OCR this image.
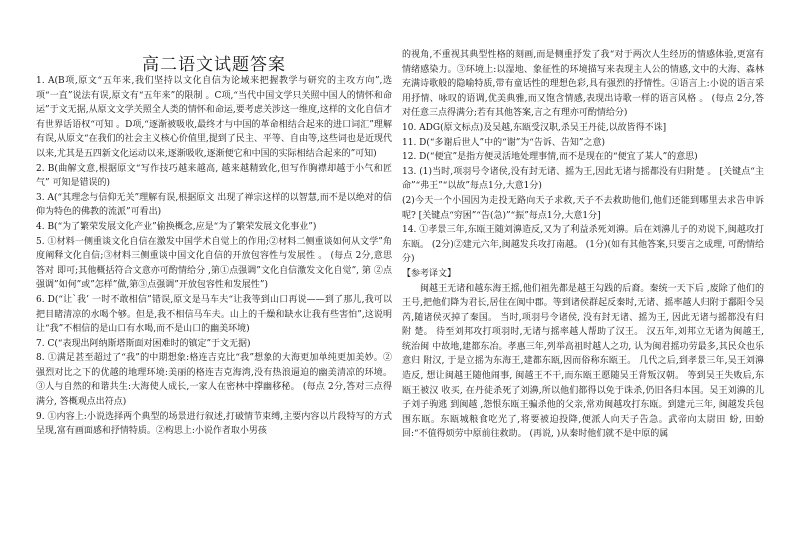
高二语文试题答案

1. A(B项,原文“五年来,我们坚持以文化自信为论域来把握教学与研究的主攻方向”,选项“一直”说法有误,原文有“五年来”的限制 。C项,“当代中国文学只关照中国人的情怀和命运”于文无据,从原文文学关照全人类的情怀和命运,要考虑关涉这一维度,这样的文化自信才有世界话语权“可知 。D项,“逐渐被吸收,最终才与中国的革命相结合起来的进口词汇”理解有误,从原文“在我们的社会主义核心价值里,提到了民主、平等、自由等,这些词也是近现代以来,尤其是五四新文化运动以来,逐渐吸收,逐渐便它和中国的实际相结合起来的”可知)

2. B(曲解文意,根据原文“写作技巧越来越高, 越来越精致化,但写作胸襟却越于小气和匠气” 可知是错误的)

3. A(“其理念与信仰无关”理解有误,根据原文 出现了禅宗这样的以智慧,而不是以绝对的信仰为特色的佛教的流派”可看出)

4. B(“为了繁荣发展文化产业”偷换概念,应是“为了繁荣发展文化事业”)

5. ①材料一侧重谈文化自信在激发中国学术自觉上的作用;②材料二侧重谈如何从文学”角度阐释文化自信;③材料三侧重谈中国文化自信的开放包容性与发展性 。 (每点 2分,意思答对 即可;其他概括符合文意亦可酌情给分 ,第①点强调”文化自信激发文化自觉”, 第 ②点强调”如何”或”怎样”做,第③点强调”开放包容性和发展性”)

6. D(“让`我’ 一时不敢相信”错误,原文是马车夫“让我等到山口再说——到了那儿,我可以把目睹清凉的水喝个够。但是,我不相信马车夫。山上的千燥和缺水让我有些害怕”,这说明让“我”不相信的是山口有水喝,而不是山口的幽美环境)

7. C(“表现出阿纳斯塔斯面对困难时的镇定”于文无据)

8. ①满足甚至超过了“我”的中期想象:格连吉克比“我”想象的大海更加单纯更加美妙。②强烈对比之下的优越的地理环境:美丽的格连吉克海湾,没有热浪逼迫的幽美清凉的环境。③人与自然的和谐共生:大海使人成长,一家人在密林中撑幽移秘。 (每点 2分,答对三点得满分, 答概观点出符点)

9. ①内容上:小说选择两个典型的场景进行叙述,打破情节束缚,主要内容以片段特写的方式呈现,富有画面感和抒情特质。②构思上:小说作者取小男孩

的视角,不重视其典型性格的刻画,而是侧重抒发了我“对于两次人生经历的情感体验,更富有情绪感染力。③环境上:以湿地、象征性的环境描写来表现主人公的情感,文中的大海、森林充满诗歌般的隐喻特质,带有童话性的理想色彩,具有强烈的抒情性。④语言上:小说的语言采用抒情、咏叹的语调,优美典雅,而又饱含情感,表现出诗歌一样的语言风格 。 (每点 2分,答对任意三点得满分;若有其他答案,言之有理亦可酌情给分)

10. ADG(原文标点)及吴越,东瓯受汉职,杀吴王丹徒,以故皆得不诛]

11. D(“多谢后世人”中的“谢”为“告诉、告知”之意)

12. D(“便宜”是指方便灵活地处理事情,而不是现在的“便宜了某人”的意思)

13. (1)当时,项羽号令诸侯,没有封无诸、摇为王,因此无诸与摇都没有归附楚 。 [关键点“主命”“弗王”“以故”每点1分,大意1分)

(2)今天一个小国因为走投无路向天子求救,天子不去救助他们,他们还能到哪里去求告申诉呢? [关键点“穷困”“告(急)”“振”每点1分,大意1分]

14. ①孝景三年,东瓯王随刘濞造反,又为了利益杀死刘濞。后在刘濞儿子的劝说下,闽越攻打 东瓯。 (2分)②建元六年,闽越发兵攻打南越。 (1分)(如有其他答案,只要言之成理, 可酌情给分)

【参考译文】

闽越王无诸和越东海王摇,他们祖先都是越王勾践的后裔。秦统一天下后 ,废除了他们的王号,把他们降为君长,居住在闽中郡。等到诸侯群起反秦时,无诸、摇率越人归附于鄱阳令吴 芮,随诸侯灭掉了秦国。 当时,项羽号令诸侯, 没有封无诸、摇为王, 因此无诸与摇都没有归附 楚。 待至刘邦攻打项羽时,无诸与摇率越人帮助了汉王。 汉五年,刘邦立无诸为闽越王, 统治闽 中故地,建都东冶。孝惠三年,列举高祖时越人之功, 认为闽君摇功劳最多,其民众也乐意归 附汉, 于是立摇为东海王,建都东瓯,因而俗称东瓯王。 几代之后,到孝景三年,吴王刘濞造反, 想让闽越王随他闹事, 闽越王不干,而东瓯王愿随吴王背叛汉朝。 等到吴王失败后,东瓯王被汉 收买, 在丹徒杀死了刘濞,所以他们都得以免于诛杀,仍旧各归本国。吴王刘濞的儿子刘子驹逃 到闽越 ,怨恨东瓯王骗杀他的父亲,常劝闽越攻打东瓯。到建元三年, 闽越发兵包围东瓯。东瓯城粮食吃光了,将要被迫投降,便派人向天子告急。武帝向太尉田 蚡, 田蚡回:“不值得烦劳中原前往救助。 (再说, )从秦时他们就不是中原的属
